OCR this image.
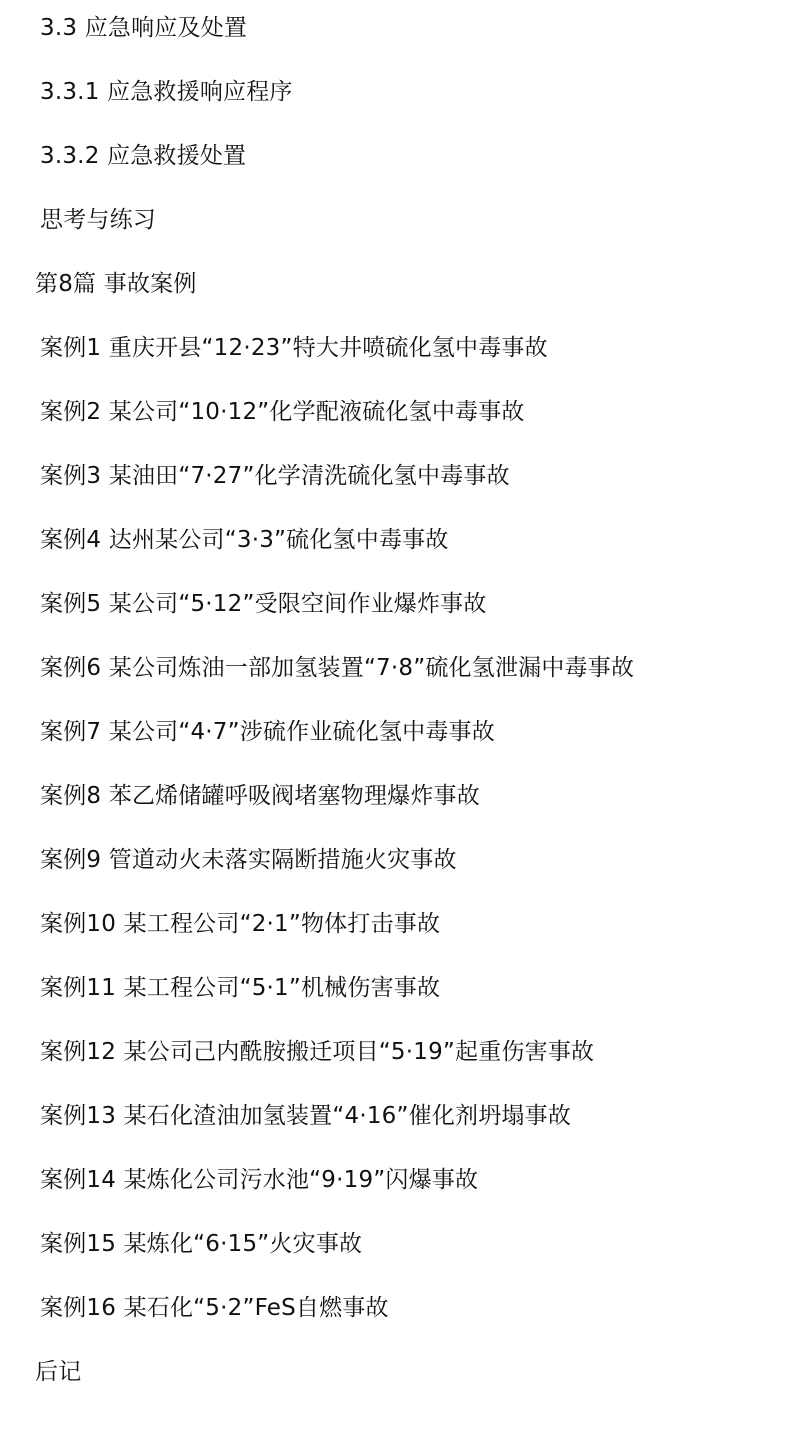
3.3 应急响应及处置
3.3.1 应急救援响应程序
3.3.2 应急救援处置
思考与练习
第8篇 事故案例
案例1 重庆开县“12·23”特大井喷硫化氢中毒事故
案例2 某公司“10·12”化学配液硫化氢中毒事故
案例3 某油田“7·27”化学清洗硫化氢中毒事故
案例4 达州某公司“3·3”硫化氢中毒事故
案例5 某公司“5·12”受限空间作业爆炸事故
案例6 某公司炼油一部加氢装置“7·8”硫化氢泄漏中毒事故
案例7 某公司“4·7”涉硫作业硫化氢中毒事故
案例8 苯乙烯储罐呼吸阀堵塞物理爆炸事故
案例9 管道动火未落实隔断措施火灾事故
案例10 某工程公司“2·1”物体打击事故
案例11 某工程公司“5·1”机械伤害事故
案例12 某公司己内酰胺搬迁项目“5·19”起重伤害事故
案例13 某石化渣油加氢装置“4·16”催化剂坍塌事故
案例14 某炼化公司污水池“9·19”闪爆事故
案例15 某炼化“6·15”火灾事故
案例16 某石化“5·2”FeS自燃事故
后记
